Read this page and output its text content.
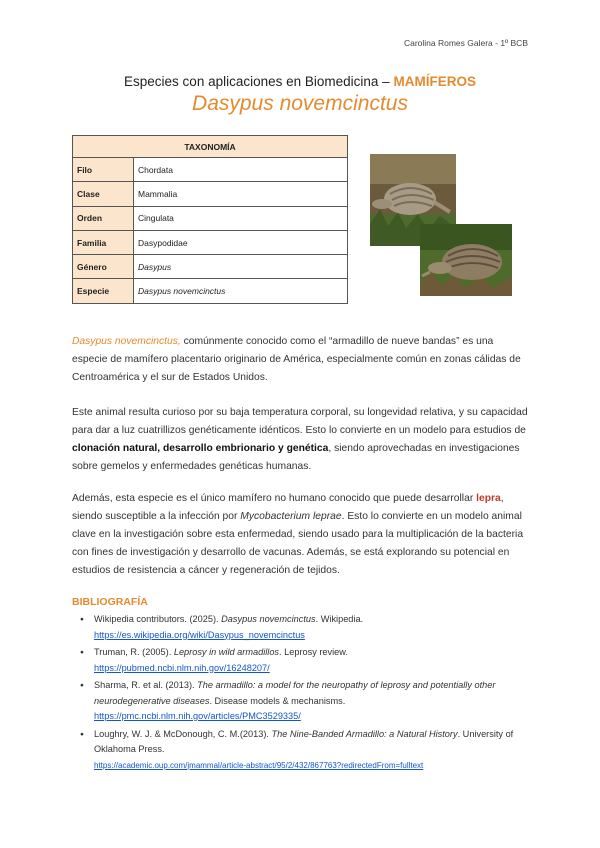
Carolina Romes Galera - 1º BCB
Especies con aplicaciones en Biomedicina – MAMÍFEROS
Dasypus novemcinctus
TAXONOMÍA	
Filo	Chordata
Clase	Mammalia
Orden	Cingulata
Familia	Dasypodidae
Género	Dasypus
Especie	Dasypus novemcinctus
Dasypus novemcinctus, comúnmente conocido como el “armadillo de nueve bandas” es una especie de mamífero placentario originario de América, especialmente común en zonas cálidas de Centroamérica y el sur de Estados Unidos.
Este animal resulta curioso por su baja temperatura corporal, su longevidad relativa, y su capacidad para dar a luz cuatrillizos genéticamente idénticos. Esto lo convierte en un modelo para estudios de clonación natural, desarrollo embrionario y genética, siendo aprovechadas en investigaciones sobre gemelos y enfermedades genéticas humanas.
Además, esta especie es el único mamífero no humano conocido que puede desarrollar lepra, siendo susceptible a la infección por Mycobacterium leprae. Esto lo convierte en un modelo animal clave en la investigación sobre esta enfermedad, siendo usado para la multiplicación de la bacteria con fines de investigación y desarrollo de vacunas. Además, se está explorando su potencial en estudios de resistencia a cáncer y regeneración de tejidos.
BIBLIOGRAFÍA
● Wikipedia contributors. (2025). Dasypus novemcinctus. Wikipedia.
https://es.wikipedia.org/wiki/Dasypus_novemcinctus
● Truman, R. (2005). Leprosy in wild armadillos. Leprosy review.
https://pubmed.ncbi.nlm.nih.gov/16248207/
● Sharma, R. et al. (2013). The armadillo: a model for the neuropathy of leprosy and potentially other neurodegenerative diseases. Disease models & mechanisms.
https://pmc.ncbi.nlm.nih.gov/articles/PMC3529335/
● Loughry, W. J. & McDonough, C. M.(2013). The Nine-Banded Armadillo: a Natural History. University of Oklahoma Press.
https://academic.oup.com/jmammal/article-abstract/95/2/432/867763?redirectedFrom=fulltext
